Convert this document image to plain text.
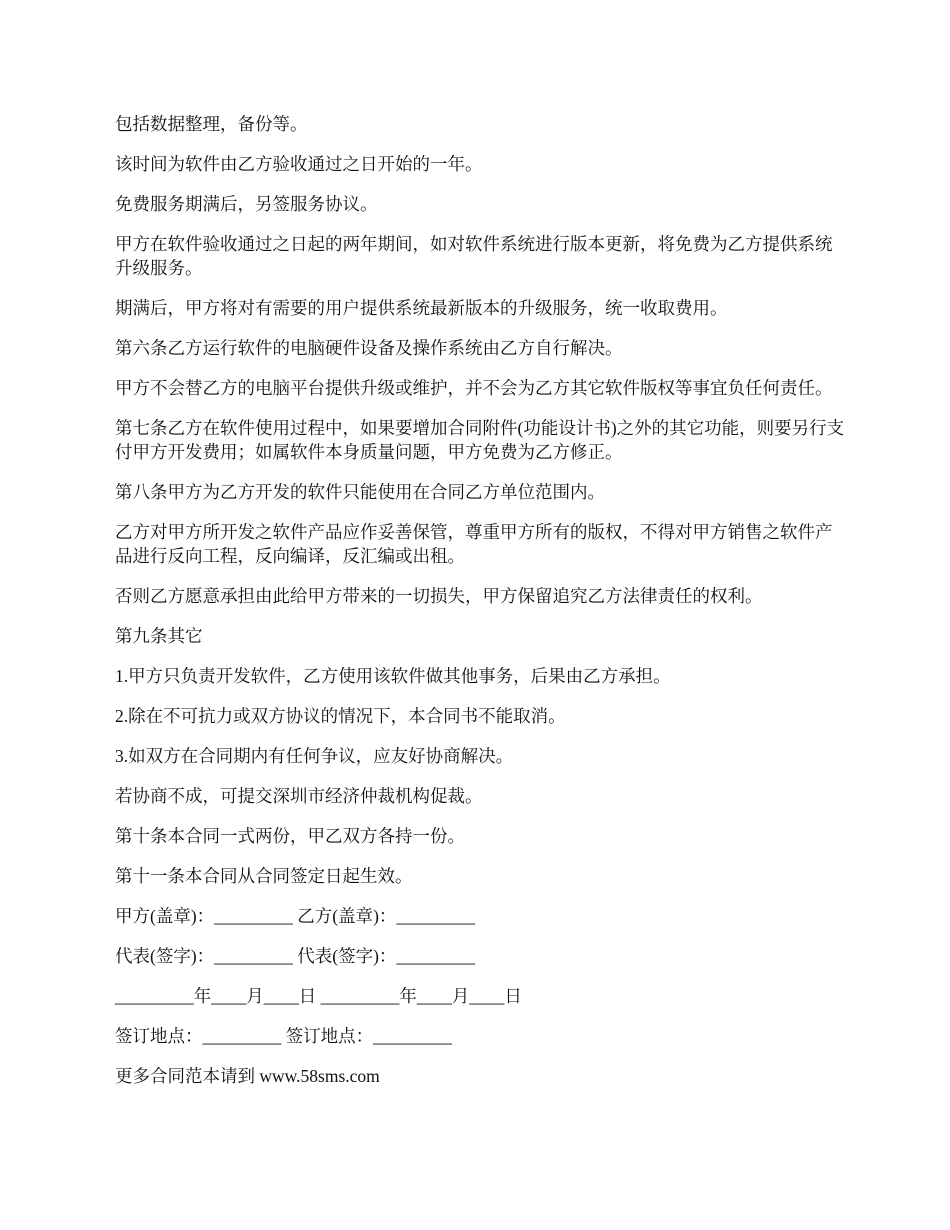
包括数据整理，备份等。

该时间为软件由乙方验收通过之日开始的一年。

免费服务期满后，另签服务协议。

甲方在软件验收通过之日起的两年期间，如对软件系统进行版本更新，将免费为乙方提供系统升级服务。

期满后，甲方将对有需要的用户提供系统最新版本的升级服务，统一收取费用。

第六条乙方运行软件的电脑硬件设备及操作系统由乙方自行解决。

甲方不会替乙方的电脑平台提供升级或维护，并不会为乙方其它软件版权等事宜负任何责任。

第七条乙方在软件使用过程中，如果要增加合同附件(功能设计书)之外的其它功能，则要另行支付甲方开发费用；如属软件本身质量问题，甲方免费为乙方修正。

第八条甲方为乙方开发的软件只能使用在合同乙方单位范围内。

乙方对甲方所开发之软件产品应作妥善保管，尊重甲方所有的版权，不得对甲方销售之软件产品进行反向工程，反向编译，反汇编或出租。

否则乙方愿意承担由此给甲方带来的一切损失，甲方保留追究乙方法律责任的权利。

第九条其它

1.甲方只负责开发软件，乙方使用该软件做其他事务，后果由乙方承担。

2.除在不可抗力或双方协议的情况下，本合同书不能取消。

3.如双方在合同期内有任何争议，应友好协商解决。

若协商不成，可提交深圳市经济仲裁机构促裁。

第十条本合同一式两份，甲乙双方各持一份。

第十一条本合同从合同签定日起生效。

甲方(盖章)：_________ 乙方(盖章)：_________

代表(签字)：_________ 代表(签字)：_________

_________年____月____日 _________年____月____日

签订地点：_________ 签订地点：_________

更多合同范本请到 www.58sms.com
